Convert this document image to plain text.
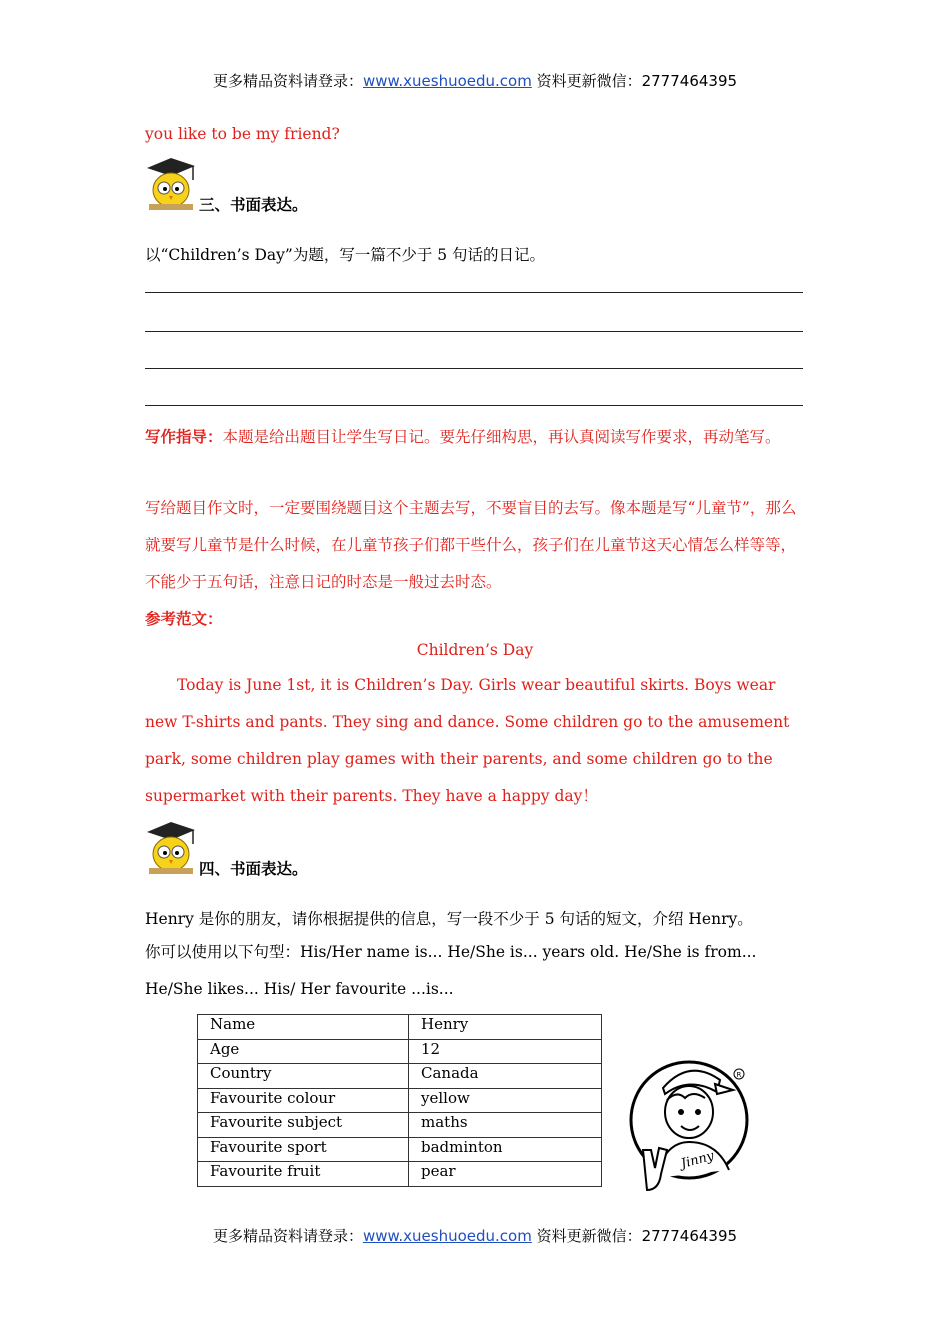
更多精品资料请登录：www.xueshuoedu.com 资料更新微信：2777464395
you like to be my friend?
三、书面表达。
以“Children’s Day”为题，写一篇不少于 5 句话的日记。
写作指导：本题是给出题目让学生写日记。要先仔细构思，再认真阅读写作要求，再动笔写。
写给题目作文时，一定要围绕题目这个主题去写，不要盲目的去写。像本题是写“儿童节”，那么就要写儿童节是什么时候，在儿童节孩子们都干些什么，孩子们在儿童节这天心情怎么样等等，不能少于五句话，注意日记的时态是一般过去时态。
参考范文：
Children’s Day
Today is June 1st, it is Children’s Day. Girls wear beautiful skirts. Boys wear new T-shirts and pants. They sing and dance. Some children go to the amusement park, some children play games with their parents, and some children go to the supermarket with their parents. They have a happy day！
四、书面表达。
Henry 是你的朋友，请你根据提供的信息，写一段不少于 5 句话的短文，介绍 Henry。
你可以使用以下句型：His/Her name is... He/She is... years old. He/She is from... He/She likes... His/ Her favourite ...is...
Name	Henry
Age	12
Country	Canada
Favourite colour	yellow
Favourite subject	maths
Favourite sport	badminton
Favourite fruit	pear	Jinny
R
更多精品资料请登录：www.xueshuoedu.com 资料更新微信：2777464395
